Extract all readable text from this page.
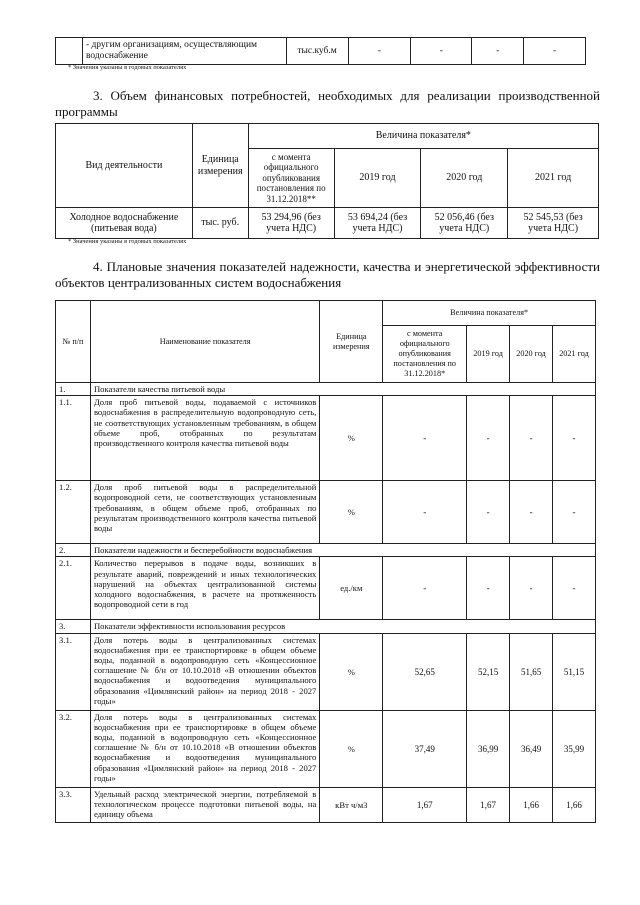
	- другим организациям, осуществляющим водоснабжение	тыс.куб.м	-	-	-	-
* Значения указаны в годовых показателях
3. Объем финансовых потребностей, необходимых для реализации производственной программы
Вид деятельности	Единица измерения	Величина показателя*			
		с момента официального опубликования постановления по 31.12.2018**	2019 год	2020 год	2021 год
Холодное водоснабжение (питьевая вода)	тыс. руб.	53 294,96 (без учета НДС)	53 694,24 (без учета НДС)	52 056,46 (без учета НДС)	52 545,53 (без учета НДС)
* Значения указаны в годовых показателях
4. Плановые значения показателей надежности, качества и энергетической эффективности объектов централизованных систем водоснабжения
№ п/п	Наименование показателя	Единица измерения	Величина показателя*			
			с момента официального опубликования постановления по 31.12.2018*	2019 год	2020 год	2021 год
1.	Показатели качества питьевой воды					
1.1.	Доля проб питьевой воды, подаваемой с источников водоснабжения в распределительную водопроводную сеть, не соответствующих установленным требованиям, в общем объеме проб, отобранных по результатам производственного контроля качества питьевой воды	%	-	-	-	-
1.2.	Доля проб питьевой воды в распределительной водопроводной сети, не соответствующих установленным требованиям, в общем объеме проб, отобранных по результатам производственного контроля качества питьевой воды	%	-	-	-	-
2.	Показатели надежности и бесперебойности водоснабжения					
2.1.	Количество перерывов в подаче воды, возникших в результате аварий, повреждений и иных технологических нарушений на объектах централизованной системы холодного водоснабжения, в расчете на протяженность водопроводной сети в год	ед./км	-	-	-	-
3.	Показатели эффективности использования ресурсов					
3.1.	Доля потерь воды в централизованных системах водоснабжения при ее транспортировке в общем объеме воды, поданной в водопроводную сеть «Концессионное соглашение № б/н от 10.10.2018 «В отношении объектов водоснабжения и водоотведения муниципального образования «Цимлянский район» на период 2018 - 2027 годы»	%	52,65	52,15	51,65	51,15
3.2.	Доля потерь воды в централизованных системах водоснабжения при ее транспортировке в общем объеме воды, поданной в водопроводную сеть «Концессионное соглашение № б/н от 10.10.2018 «В отношении объектов водоснабжения и водоотведения муниципального образования «Цимлянский район» на период 2018 - 2027 годы»	%	37,49	36,99	36,49	35,99
3.3.	Удельный расход электрической энергии, потребляемой в технологическом процессе подготовки питьевой воды, на единицу объема	кВт ч/м3	1,67	1,67	1,66	1,66
